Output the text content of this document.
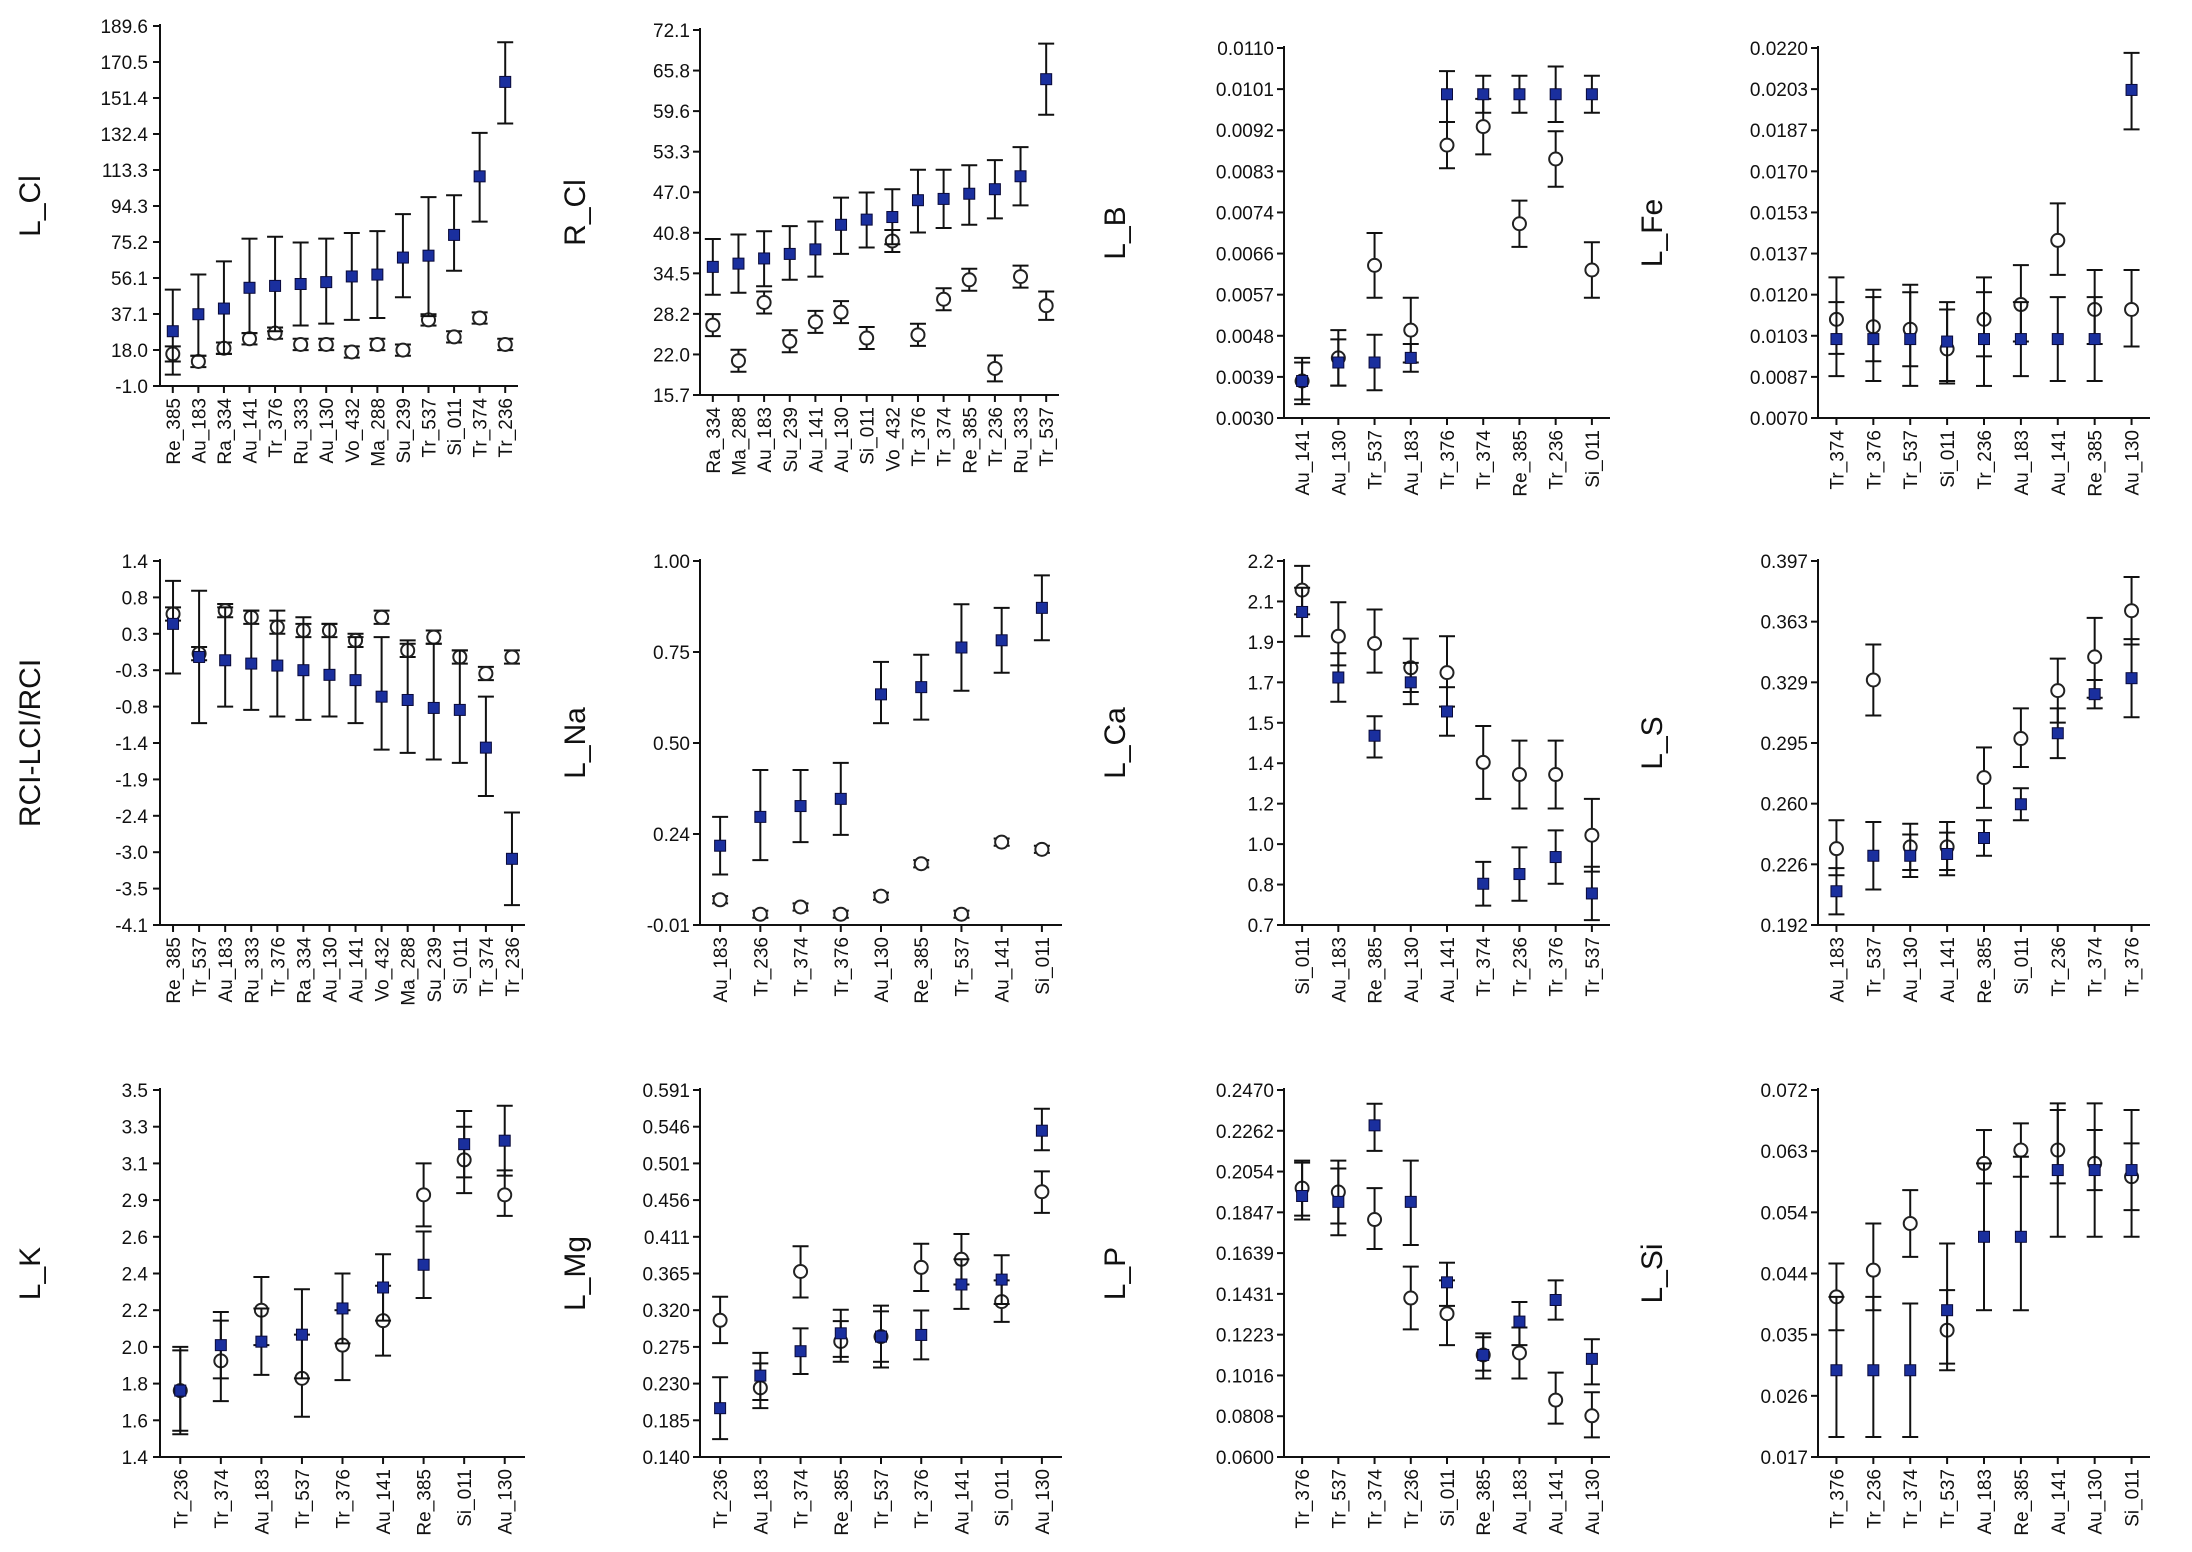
189.6
170.5
151.4
132.4
113.3
94.3
75.2
56.1
37.1
18.0
-1.0
Re_385 Au_183 Ra_334 Au_141 Tr_376 Ru_333 Au_130 Vo_432 Ma_288 Su_239 Tr_537 Si_011 Tr_374 Tr_236
L_Cl
72.1
65.8
59.6
53.3
47.0
40.8
34.5
28.2
22.0
15.7
Ra_334 Ma_288 Au_183 Su_239 Au_141 Au_130 Si_011 Vo_432 Tr_376 Tr_374 Re_385 Tr_236 Ru_333 Tr_537
R_Cl
0.0110
0.0101
0.0092
0.0083
0.0074
0.0066
0.0057
0.0048
0.0039
0.0030
Au_141 Au_130 Tr_537 Au_183 Tr_376 Tr_374 Re_385 Tr_236 Si_011
L_B
0.0220
0.0203
0.0187
0.0170
0.0153
0.0137
0.0120
0.0103
0.0087
0.0070
Tr_374 Tr_376 Tr_537 Si_011 Tr_236 Au_183 Au_141 Re_385 Au_130
L_Fe
1.4
0.8
0.3
-0.3
-0.8
-1.4
-1.9
-2.4
-3.0
-3.5
-4.1
Re_385 Tr_537 Au_183 Ru_333 Tr_376 Ra_334 Au_130 Au_141 Vo_432 Ma_288 Su_239 Si_011 Tr_374 Tr_236
RCI-LCI/RCI
1.00
0.75
0.50
0.24
-0.01
Au_183 Tr_236 Tr_374 Tr_376 Au_130 Re_385 Tr_537 Au_141 Si_011
L_Na
2.2
2.1
1.9
1.7
1.5
1.4
1.2
1.0
0.8
0.7
Si_011 Au_183 Re_385 Au_130 Au_141 Tr_374 Tr_236 Tr_376 Tr_537
L_Ca
0.397
0.363
0.329
0.295
0.260
0.226
0.192
Au_183 Tr_537 Au_130 Au_141 Re_385 Si_011 Tr_236 Tr_374 Tr_376
L_S
3.5
3.3
3.1
2.9
2.6
2.4
2.2
2.0
1.8
1.6
1.4
Tr_236 Tr_374 Au_183 Tr_537 Tr_376 Au_141 Re_385 Si_011 Au_130
L_K
0.591
0.546
0.501
0.456
0.411
0.365
0.320
0.275
0.230
0.185
0.140
Tr_236 Au_183 Tr_374 Re_385 Tr_537 Tr_376 Au_141 Si_011 Au_130
L_Mg
0.2470
0.2262
0.2054
0.1847
0.1639
0.1431
0.1223
0.1016
0.0808
0.0600
Tr_376 Tr_537 Tr_374 Tr_236 Si_011 Re_385 Au_183 Au_141 Au_130
L_P
0.072
0.063
0.054
0.044
0.035
0.026
0.017
Tr_376 Tr_236 Tr_374 Tr_537 Au_183 Re_385 Au_141 Au_130 Si_011
L_Si
